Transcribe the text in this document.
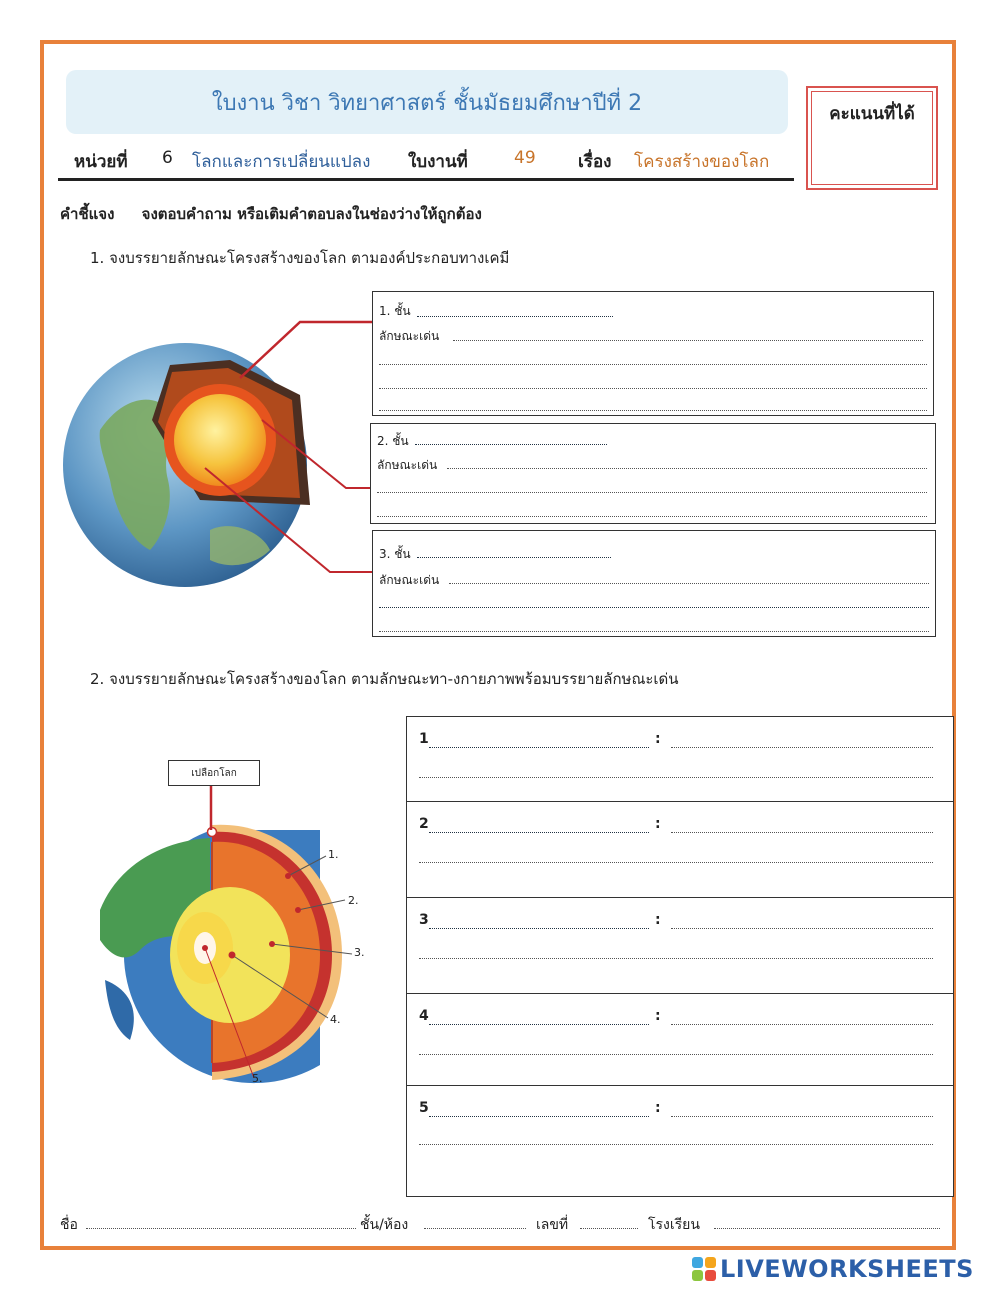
ใบงาน วิชา วิทยาศาสตร์ ชั้นมัธยมศึกษาปีที่ 2	คะแนนที่ได้
หน่วยที่ 6 โลกและการเปลี่ยนแปลง ใบงานที่	49 เรื่อง โครงสร้างของโลก
คำชี้แจง จงตอบคำถาม หรือเติมคำตอบลงในช่องว่างให้ถูกต้อง
1. จงบรรยายลักษณะโครงสร้างของโลก ตามองค์ประกอบทางเคมี
1. ชั้น
ลักษณะเด่น
2. ชั้น
ลักษณะเด่น
3. ชั้น
ลักษณะเด่น
2. จงบรรยายลักษณะโครงสร้างของโลก ตามลักษณะทา-งกายภาพพร้อมบรรยายลักษณะเด่น
เปลือกโลก
1.
2.
3.
4.
5.
1	:
2	:
3	:
4	:
5	:
ชื่อ	ชั้น/ห้อง	เลขที่	โรงเรียน
LIVEWORKSHEETS
